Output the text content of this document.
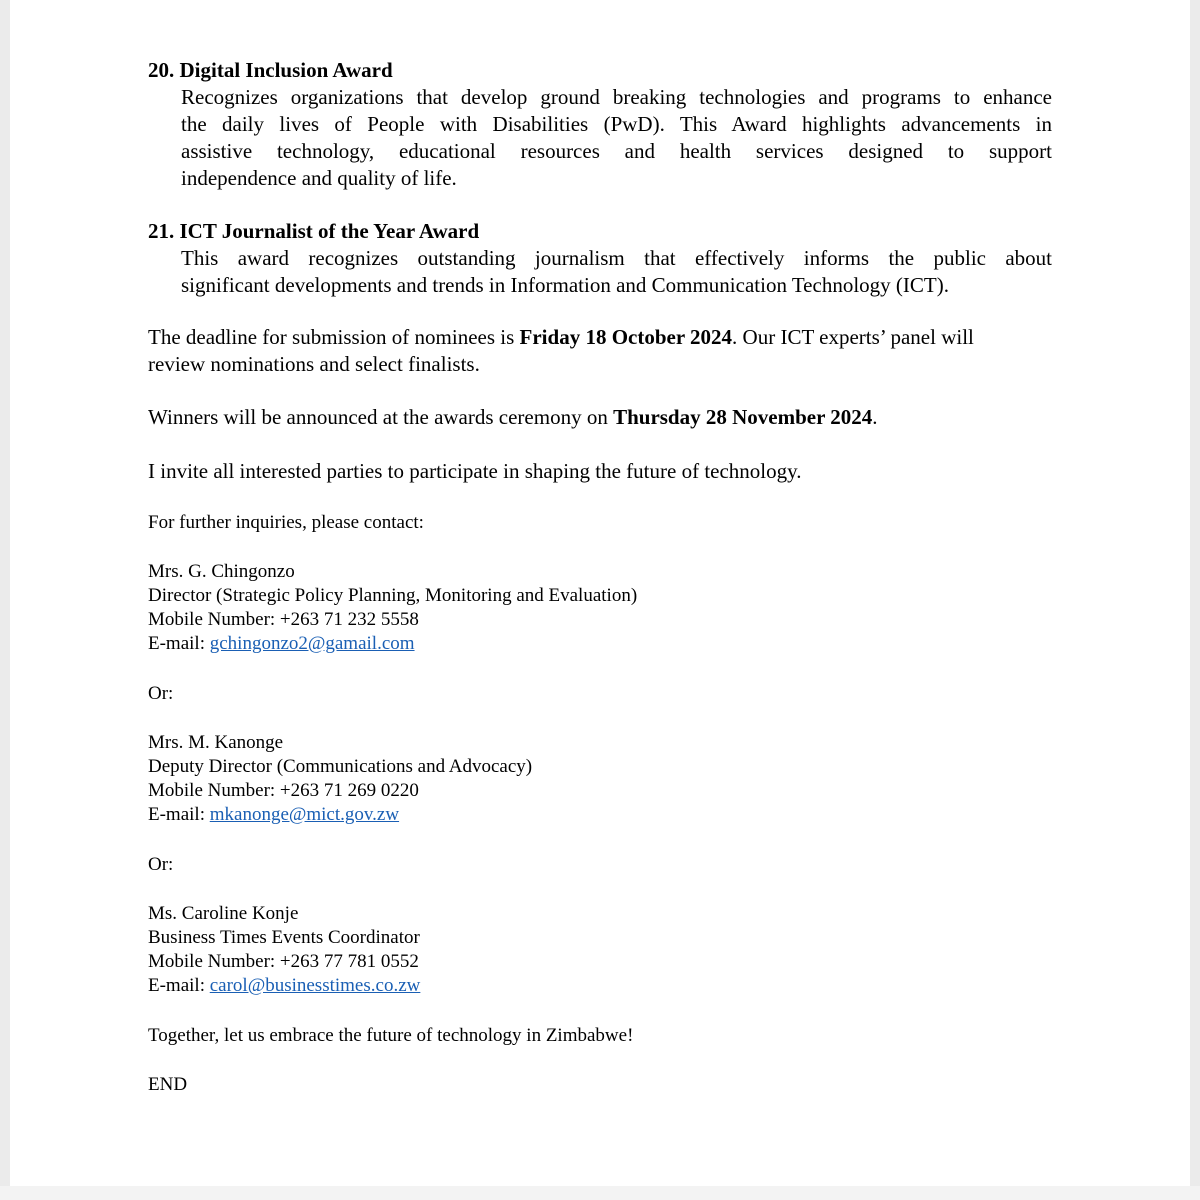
20. Digital Inclusion Award
Recognizes organizations that develop ground breaking technologies and programs to enhance
the daily lives of People with Disabilities (PwD). This Award highlights advancements in
assistive technology, educational resources and health services designed to support
independence and quality of life.
21. ICT Journalist of the Year Award
This award recognizes outstanding journalism that effectively informs the public about
significant developments and trends in Information and Communication Technology (ICT).
The deadline for submission of nominees is Friday 18 October 2024. Our ICT experts’ panel will
review nominations and select finalists.
Winners will be announced at the awards ceremony on Thursday 28 November 2024.
I invite all interested parties to participate in shaping the future of technology.
For further inquiries, please contact:
Mrs. G. Chingonzo
Director (Strategic Policy Planning, Monitoring and Evaluation)
Mobile Number: +263 71 232 5558
E-mail: gchingonzo2@gamail.com
Or:
Mrs. M. Kanonge
Deputy Director (Communications and Advocacy)
Mobile Number: +263 71 269 0220
E-mail: mkanonge@mict.gov.zw
Or:
Ms. Caroline Konje
Business Times Events Coordinator
Mobile Number: +263 77 781 0552
E-mail: carol@businesstimes.co.zw
Together, let us embrace the future of technology in Zimbabwe!
END
